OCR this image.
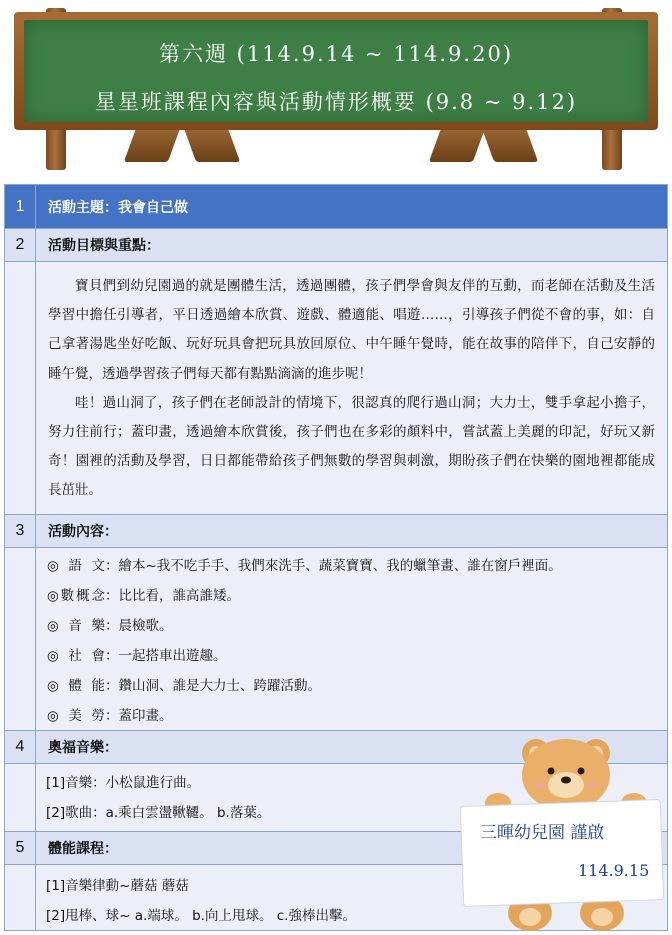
第六週 (114.9.14 ~ 114.9.20)
星星班課程內容與活動情形概要 (9.8 ~ 9.12)
1	活動主題：我會自己做
2	活動目標與重點：

寶貝們到幼兒園過的就是團體生活，透過團體，孩子們學會與友伴的互動，而老師在活動及生活學習中擔任引導者，平日透過繪本欣賞、遊戲、體適能、唱遊……，引導孩子們從不會的事，如：自己拿著湯匙坐好吃飯、玩好玩具會把玩具放回原位、中午睡午覺時，能在故事的陪伴下，自己安靜的睡午覺，透過學習孩子們每天都有點點滴滴的進步呢！

哇！過山洞了，孩子們在老師設計的情境下，很認真的爬行過山洞；大力士，雙手拿起小擔子，努力往前行；蓋印畫，透過繪本欣賞後，孩子們也在多彩的顏料中，嘗試蓋上美麗的印記，好玩又新奇！園裡的活動及學習，日日都能帶給孩子們無數的學習與刺激，期盼孩子們在快樂的園地裡都能成長茁壯。

3	活動內容：
◎語文：繪本~我不吃手手、我們來洗手、蔬菜寶寶、我的蠟筆畫、誰在窗戶裡面。
◎數概念：比比看，誰高誰矮。
◎音樂：晨檢歌。
◎社會：一起搭車出遊趣。
◎體能：鑽山洞、誰是大力士、跨躍活動。
◎美勞：蓋印畫。
4	奧福音樂：
[1]音樂：小松鼠進行曲。
[2]歌曲：a.乘白雲盪鞦韆。 b.落葉。
5	體能課程：
[1]音樂律動~蘑菇 蘑菇
[2]甩棒、球~ a.端球。 b.向上甩球。 c.強棒出擊。
三暉幼兒園 謹啟
114.9.15
